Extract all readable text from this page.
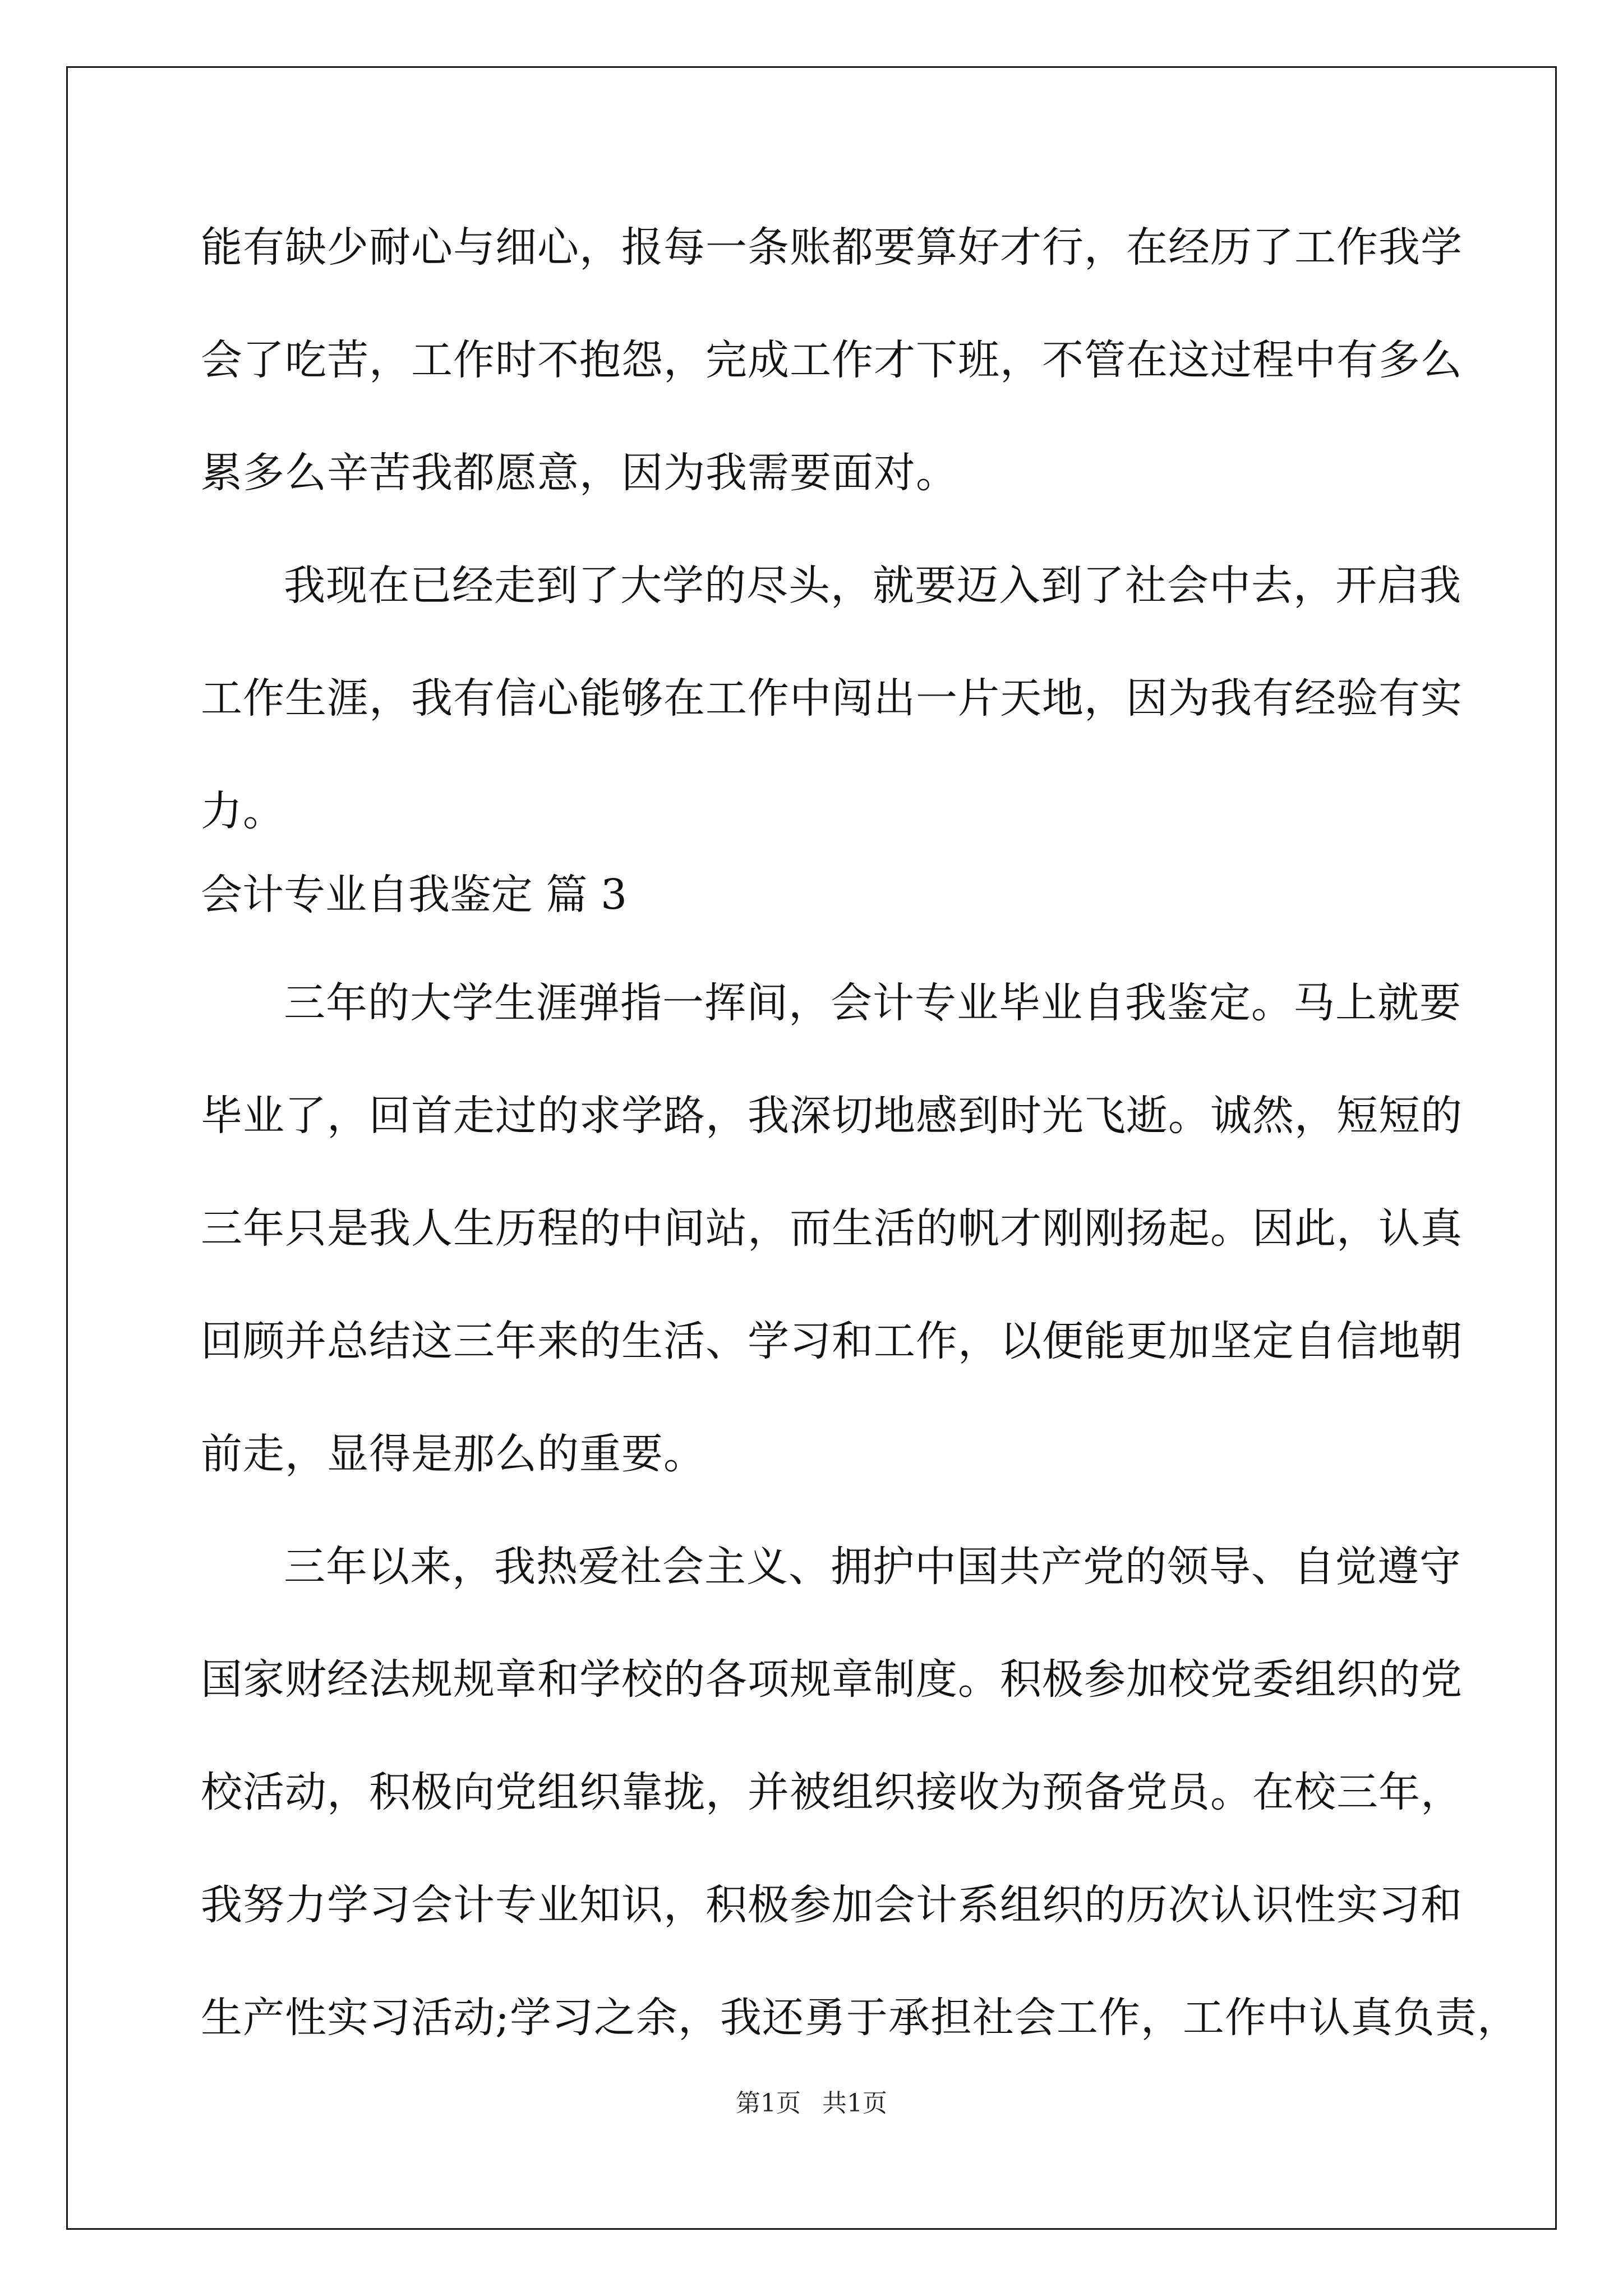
能有缺少耐心与细心，报每一条账都要算好才行，在经历了工作我学
会了吃苦，工作时不抱怨，完成工作才下班，不管在这过程中有多么
累多么辛苦我都愿意，因为我需要面对。
我现在已经走到了大学的尽头，就要迈入到了社会中去，开启我
工作生涯，我有信心能够在工作中闯出一片天地，因为我有经验有实
力。
会计专业自我鉴定 篇 3
三年的大学生涯弹指一挥间，会计专业毕业自我鉴定。马上就要
毕业了，回首走过的求学路，我深切地感到时光飞逝。诚然，短短的
三年只是我人生历程的中间站，而生活的帆才刚刚扬起。因此，认真
回顾并总结这三年来的生活、学习和工作，以便能更加坚定自信地朝
前走，显得是那么的重要。
三年以来，我热爱社会主义、拥护中国共产党的领导、自觉遵守
国家财经法规规章和学校的各项规章制度。积极参加校党委组织的党
校活动，积极向党组织靠拢，并被组织接收为预备党员。在校三年，
我努力学习会计专业知识，积极参加会计系组织的历次认识性实习和
生产性实习活动;学习之余，我还勇于承担社会工作，工作中认真负责，
第1页 共1页
